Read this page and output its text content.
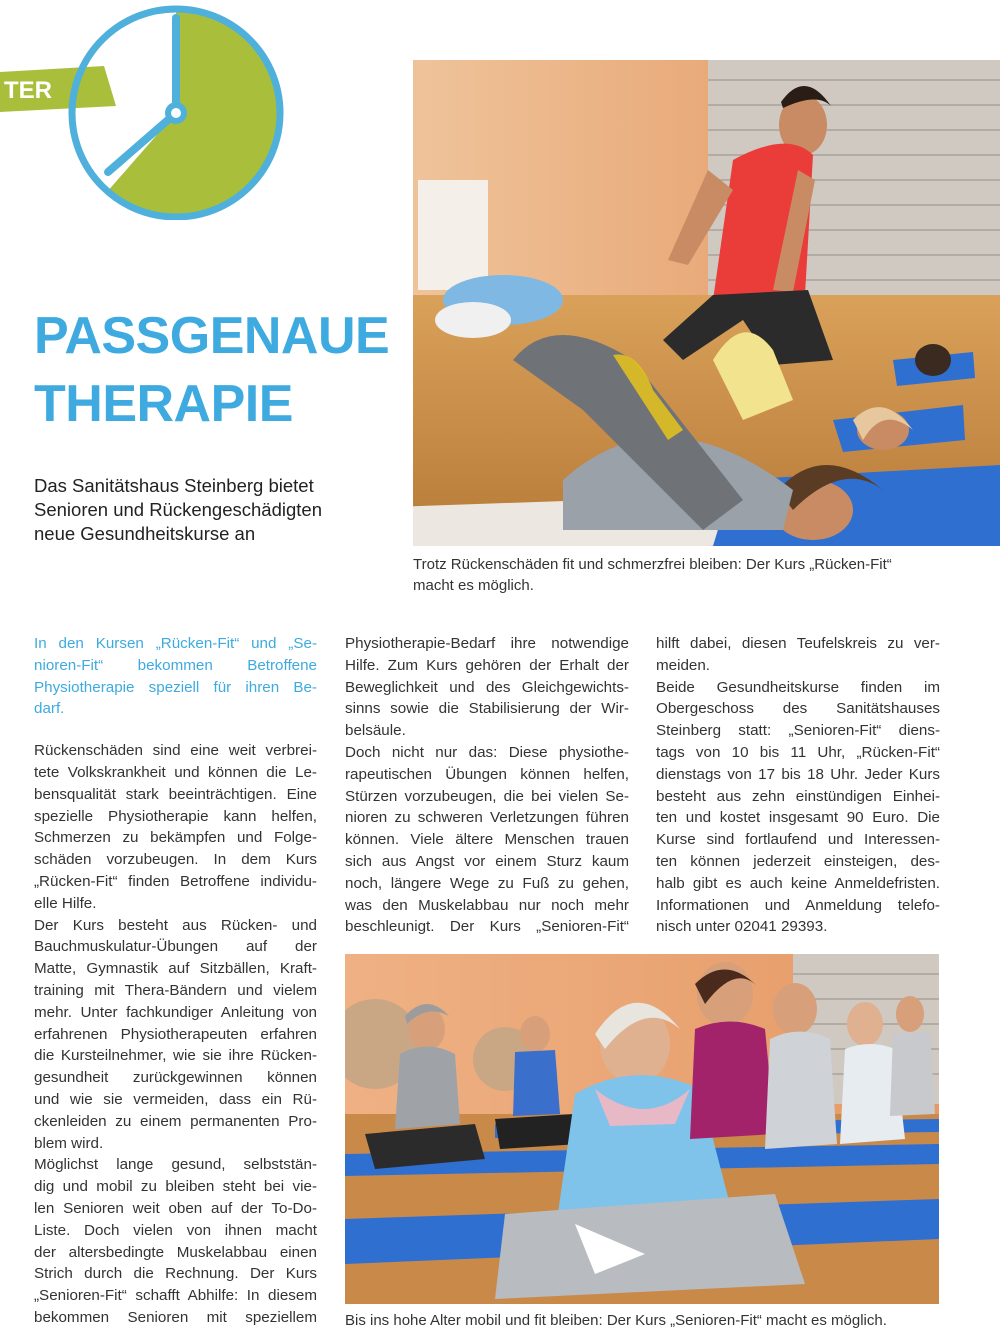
TER
PASSGENAUE
THERAPIE

Das Sanitätshaus Steinberg bietet
Senioren und Rückengeschädigten
neue Gesundheitskurse an

Trotz Rückenschäden fit und schmerzfrei bleiben: Der Kurs „Rücken-Fit“
macht es möglich.

In den Kursen „Rücken-Fit“ und „Se-
nioren-Fit“ bekommen Betroffene
Physiotherapie speziell für ihren Be-
darf.
Rückenschäden sind eine weit verbrei-
tete Volkskrankheit und können die Le-
bensqualität stark beeinträchtigen. Eine
spezielle Physiotherapie kann helfen,
Schmerzen zu bekämpfen und Folge-
schäden vorzubeugen. In dem Kurs
„Rücken-Fit“ finden Betroffene individu-
elle Hilfe.
Der Kurs besteht aus Rücken- und
Bauchmuskulatur-Übungen auf der
Matte, Gymnastik auf Sitzbällen, Kraft-
training mit Thera-Bändern und vielem
mehr. Unter fachkundiger Anleitung von
erfahrenen Physiotherapeuten erfahren
die Kursteilnehmer, wie sie ihre Rücken-
gesundheit zurückgewinnen können
und wie sie vermeiden, dass ein Rü-
ckenleiden zu einem permanenten Pro-
blem wird.
Möglichst lange gesund, selbststän-
dig und mobil zu bleiben steht bei vie-
len Senioren weit oben auf der To-Do-
Liste. Doch vielen von ihnen macht
der altersbedingte Muskelabbau einen
Strich durch die Rechnung. Der Kurs
„Senioren-Fit“ schafft Abhilfe: In diesem
bekommen Senioren mit speziellem
Physiotherapie-Bedarf ihre notwendige
Hilfe. Zum Kurs gehören der Erhalt der
Beweglichkeit und des Gleichgewichts-
sinns sowie die Stabilisierung der Wir-
belsäule.
Doch nicht nur das: Diese physiothe-
rapeutischen Übungen können helfen,
Stürzen vorzubeugen, die bei vielen Se-
nioren zu schweren Verletzungen führen
können. Viele ältere Menschen trauen
sich aus Angst vor einem Sturz kaum
noch, längere Wege zu Fuß zu gehen,
was den Muskelabbau nur noch mehr
beschleunigt. Der Kurs „Senioren-Fit“
hilft dabei, diesen Teufelskreis zu ver-
meiden.
Beide Gesundheitskurse finden im
Obergeschoss des Sanitätshauses
Steinberg statt: „Senioren-Fit“ diens-
tags von 10 bis 11 Uhr, „Rücken-Fit“
dienstags von 17 bis 18 Uhr. Jeder Kurs
besteht aus zehn einstündigen Einhei-
ten und kostet insgesamt 90 Euro. Die
Kurse sind fortlaufend und Interessen-
ten können jederzeit einsteigen, des-
halb gibt es auch keine Anmeldefristen.
Informationen und Anmeldung telefo-
nisch unter 02041 29393.

Bis ins hohe Alter mobil und fit bleiben: Der Kurs „Senioren-Fit“ macht es möglich.
